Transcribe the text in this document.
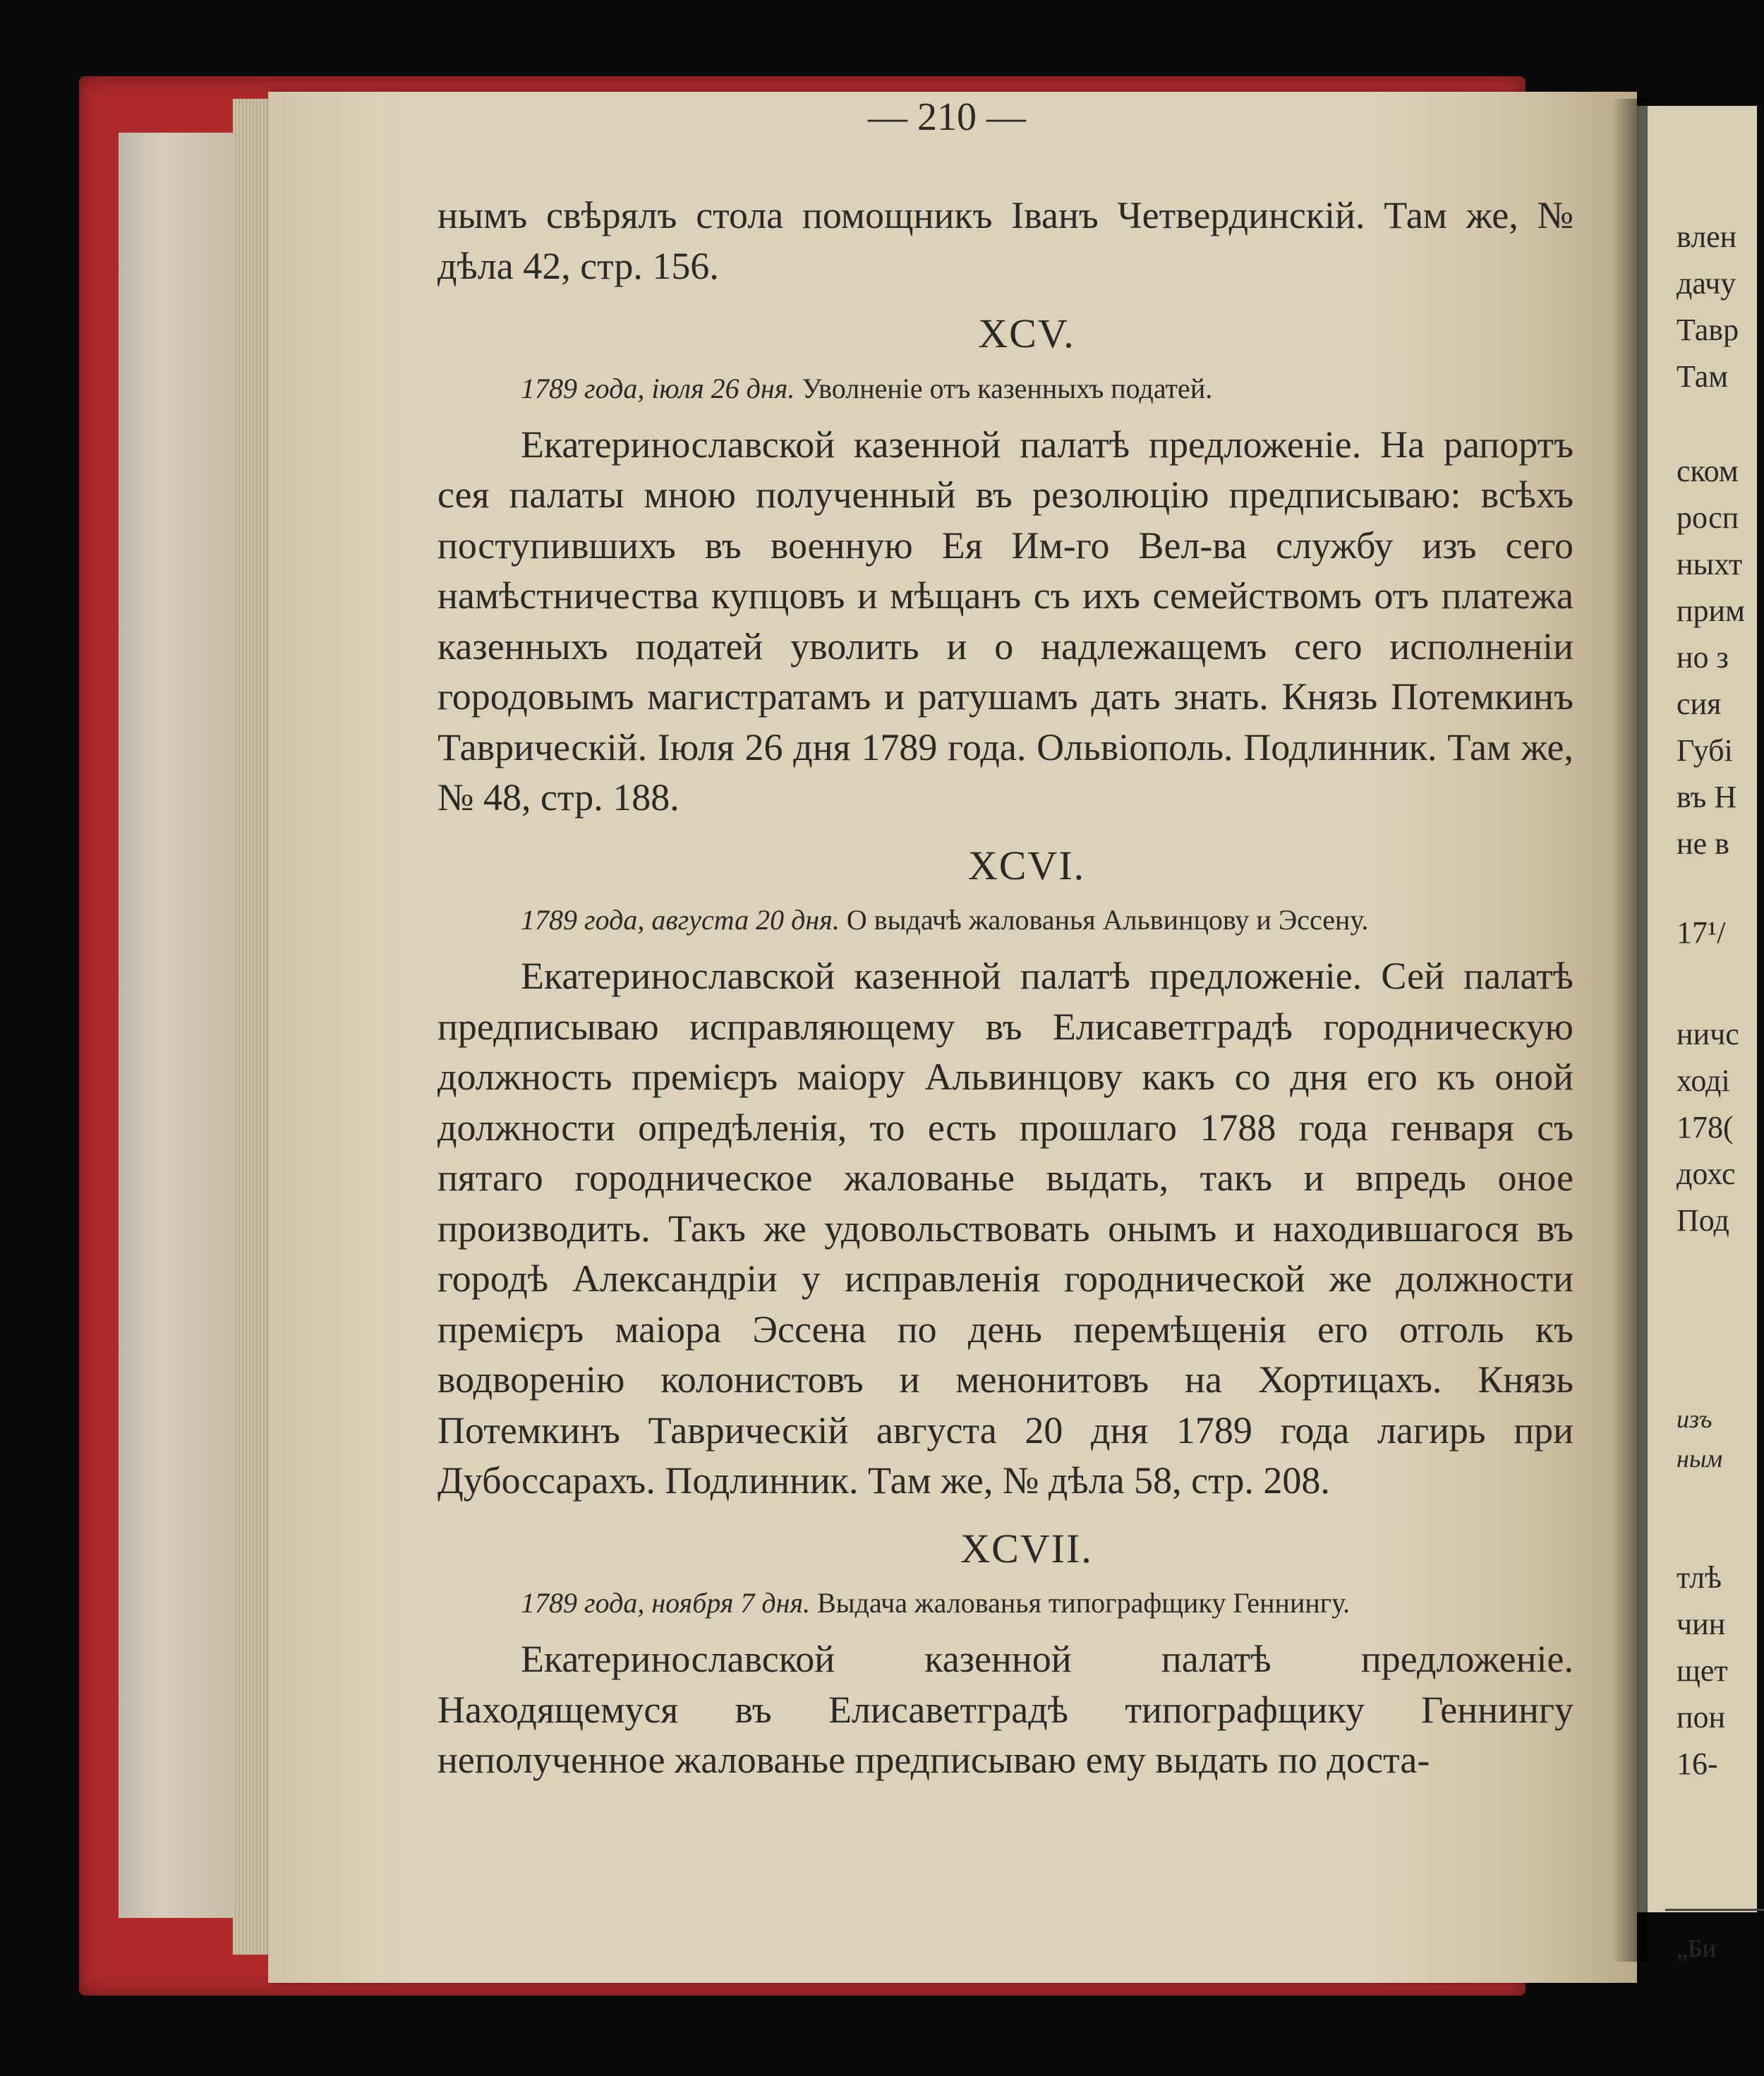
влен
дачу
Тавр
Там
ском
росп
ныхт
прим
но з
сия
Губі
въ Н
не в
17¹/
ничс
ході
178(
дохс
Под
изъ
ным
тлѣ
чин
щет
пон
16-
„Би
— 210 —

нымъ свѣрялъ стола помощникъ Іванъ Четвердинскій. Там же, № дѣла 42, стр. 156.

XCV.
1789 года, іюля 26 дня. Уволненіе отъ казенныхъ податей.

Екатеринославской казенной палатѣ предложеніе. На рапортъ сея палаты мною полученный въ резолюцію предписываю: всѣхъ поступившихъ въ военную Ея Им-го Вел-ва службу изъ сего намѣстничества купцовъ и мѣщанъ съ ихъ семействомъ отъ платежа казенныхъ податей уволить и о надлежащемъ сего исполненіи городовымъ магистратамъ и ратушамъ дать знать. Князь Потемкинъ Таврическій. Іюля 26 дня 1789 года. Ольвіополь. Подлинник. Там же, № 48, стр. 188.

XCVI.
1789 года, августа 20 дня. О выдачѣ жалованья Альвинцову и Эссену.

Екатеринославской казенной палатѣ предложеніе. Сей палатѣ предписываю исправляющему въ Елисаветградѣ городническую должность премієръ маіору Альвинцову какъ со дня его къ оной должности опредѣленія, то есть прошлаго 1788 года генваря съ пятаго городническое жалованье выдать, такъ и впредь оное производить. Такъ же удовольствовать онымъ и находившагося въ городѣ Александріи у исправленія городнической же должности премієръ маіора Эссена по день перемѣщенія его отголь къ водворенію колонистовъ и менонитовъ на Хортицахъ. Князь Потемкинъ Таврическій августа 20 дня 1789 года лагирь при Дубоссарахъ. Подлинник. Там же, № дѣла 58, стр. 208.

XCVII.
1789 года, ноября 7 дня. Выдача жалованья типографщику Геннингу.

Екатеринославской казенной палатѣ предложеніе. Находящемуся въ Елисаветградѣ типографщику Геннингу неполученное жалованье предписываю ему выдать по доста-
